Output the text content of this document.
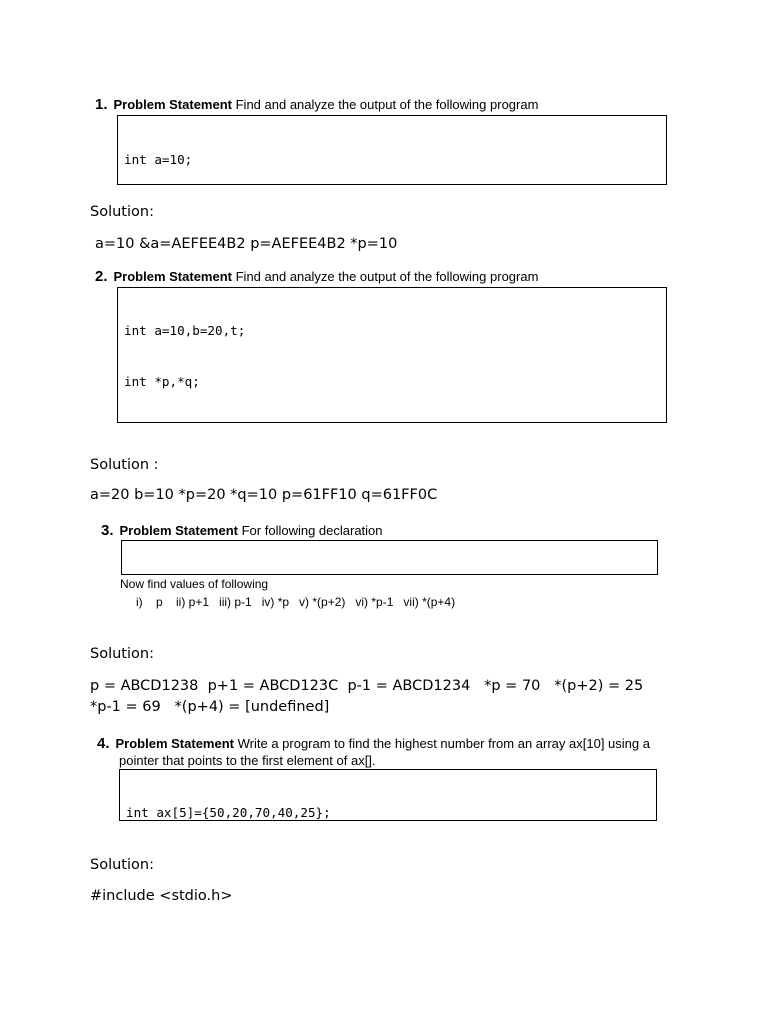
1. Problem Statement Find and analyze the output of the following program

int a=10;

Solution:
a=10 &a=AEFEE4B2 p=AEFEE4B2 *p=10
2. Problem Statement Find and analyze the output of the following program

int a=10,b=20,t;

int *p,*q;

Solution :
a=20 b=10 *p=20 *q=10 p=61FF10 q=61FF0C
3. Problem Statement For following declaration

Now find values of following
i)    p    ii) p+1   iii) p-1   iv) *p   v) *(p+2)   vi) *p-1   vii) *(p+4)
Solution:
p = ABCD1238  p+1 = ABCD123C  p-1 = ABCD1234   *p = 70   *(p+2) = 25
*p-1 = 69   *(p+4) = [undefined]
4. Problem Statement Write a program to find the highest number from an array ax[10] using a
pointer that points to the first element of ax[].

int ax[5]={50,20,70,40,25};

Solution:
#include <stdio.h>
